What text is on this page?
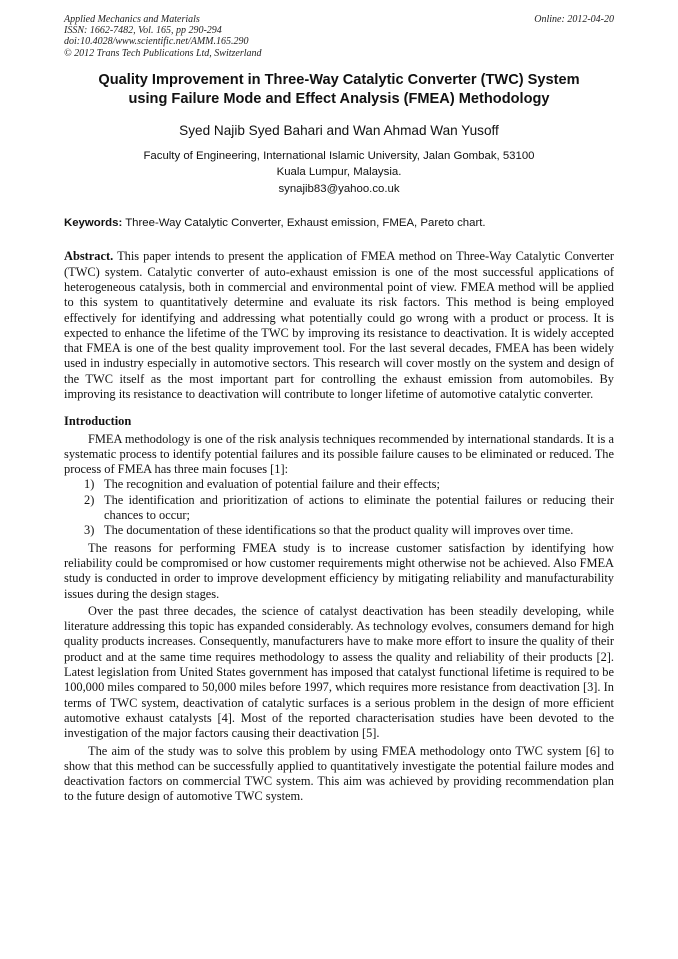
Applied Mechanics and Materials
ISSN: 1662-7482, Vol. 165, pp 290-294
doi:10.4028/www.scientific.net/AMM.165.290
© 2012 Trans Tech Publications Ltd, Switzerland
Online: 2012-04-20
Quality Improvement in Three-Way Catalytic Converter (TWC) System
using Failure Mode and Effect Analysis (FMEA) Methodology
Syed Najib Syed Bahari and Wan Ahmad Wan Yusoff
Faculty of Engineering, International Islamic University, Jalan Gombak, 53100
Kuala Lumpur, Malaysia.
synajib83@yahoo.co.uk
Keywords: Three-Way Catalytic Converter, Exhaust emission, FMEA, Pareto chart.
Abstract. This paper intends to present the application of FMEA method on Three-Way Catalytic Converter (TWC) system. Catalytic converter of auto-exhaust emission is one of the most successful applications of heterogeneous catalysis, both in commercial and environmental point of view. FMEA method will be applied to this system to quantitatively determine and evaluate its risk factors. This method is being employed effectively for identifying and addressing what potentially could go wrong with a product or process. It is expected to enhance the lifetime of the TWC by improving its resistance to deactivation. It is widely accepted that FMEA is one of the best quality improvement tool. For the last several decades, FMEA has been widely used in industry especially in automotive sectors. This research will cover mostly on the system and design of the TWC itself as the most important part for controlling the exhaust emission from automobiles. By improving its resistance to deactivation will contribute to longer lifetime of automotive catalytic converter.
Introduction
FMEA methodology is one of the risk analysis techniques recommended by international standards. It is a systematic process to identify potential failures and its possible failure causes to be eliminated or reduced. The process of FMEA has three main focuses [1]:
1) The recognition and evaluation of potential failure and their effects;
2) The identification and prioritization of actions to eliminate the potential failures or reducing their chances to occur;
3) The documentation of these identifications so that the product quality will improves over time.
The reasons for performing FMEA study is to increase customer satisfaction by identifying how reliability could be compromised or how customer requirements might otherwise not be achieved. Also FMEA study is conducted in order to improve development efficiency by mitigating reliability and manufacturability issues during the design stages.
Over the past three decades, the science of catalyst deactivation has been steadily developing, while literature addressing this topic has expanded considerably. As technology evolves, consumers demand for high quality products increases. Consequently, manufacturers have to make more effort to insure the quality of their product and at the same time requires methodology to assess the quality and reliability of their products [2]. Latest legislation from United States government has imposed that catalyst functional lifetime is required to be 100,000 miles compared to 50,000 miles before 1997, which requires more resistance from deactivation [3]. In terms of TWC system, deactivation of catalytic surfaces is a serious problem in the design of more efficient automotive exhaust catalysts [4]. Most of the reported characterisation studies have been devoted to the investigation of the major factors causing their deactivation [5].
The aim of the study was to solve this problem by using FMEA methodology onto TWC system [6] to show that this method can be successfully applied to quantitatively investigate the potential failure modes and deactivation factors on commercial TWC system. This aim was achieved by providing recommendation plan to the future design of automotive TWC system.
